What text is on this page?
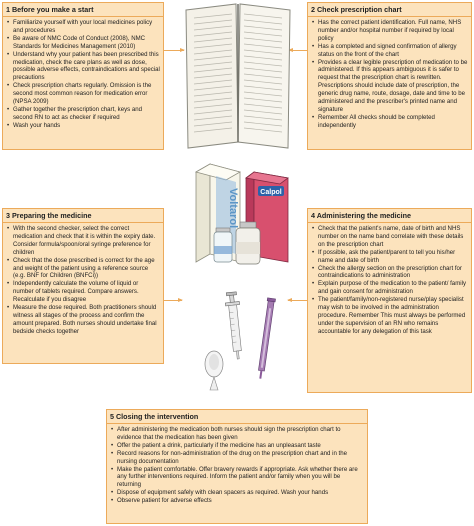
1 Before you make a start
• Familiarize yourself with your local medicines policy and procedures
• Be aware of NMC Code of Conduct (2008), NMC Standards for Medicines Management (2010)
• Understand why your patient has been prescribed this medication, check the care plans as well as dose, possible adverse effects, contraindications and special precautions
• Check prescription charts regularly. Omission is the second most common reason for medication error (NPSA 2009)
• Gather together the prescription chart, keys and second RN to act as checker if required
• Wash your hands
2 Check prescription chart
• Has the correct patient identification. Full name, NHS number and/or hospital number if required by local policy
• Has a completed and signed confirmation of allergy status on the front of the chart
• Provides a clear legible prescription of medication to be administered. If this appears ambiguous it is safer to request that the prescription chart is rewritten. Prescriptions should include date of prescription, the generic drug name, route, dosage, date and time to be administered and the prescriber's printed name and signature
• Remember All checks should be completed independently
3 Preparing the medicine
• With the second checker, select the correct medication and check that it is within the expiry date. Consider formula/spoon/oral syringe preference for children
• Check that the dose prescribed is correct for the age and weight of the patient using a reference source (e.g. BNF for Children (BNFCi))
• Independently calculate the volume of liquid or number of tablets required. Compare answers. Recalculate if you disagree
• Measure the dose required. Both practitioners should witness all stages of the process and confirm the amount prepared. Both nurses should undertake final bedside checks together
4 Administering the medicine
• Check that the patient's name, date of birth and NHS number on the name band correlate with these details on the prescription chart
• If possible, ask the patient/parent to tell you his/her name and date of birth
• Check the allergy section on the prescription chart for contraindications to administration
• Explain purpose of the medication to the patient/ family and gain consent for administration
• The patient/family/non-registered nurse/play specialist may wish to be involved in the administration procedure. Remember This must always be performed under the supervision of an RN who remains accountable for any delegation of this task
5 Closing the intervention
• After administering the medication both nurses should sign the prescription chart to evidence that the medication has been given
• Offer the patient a drink, particularly if the medicine has an unpleasant taste
• Record reasons for non-administration of the drug on the prescription chart and in the nursing documentation
• Make the patient comfortable. Offer bravery rewards if appropriate. Ask whether there are any further interventions required. Inform the patient and/or family when you will be returning
• Dispose of equipment safely with clean spacers as required. Wash your hands
• Observe patient for adverse effects
Voltarol	Calpol
